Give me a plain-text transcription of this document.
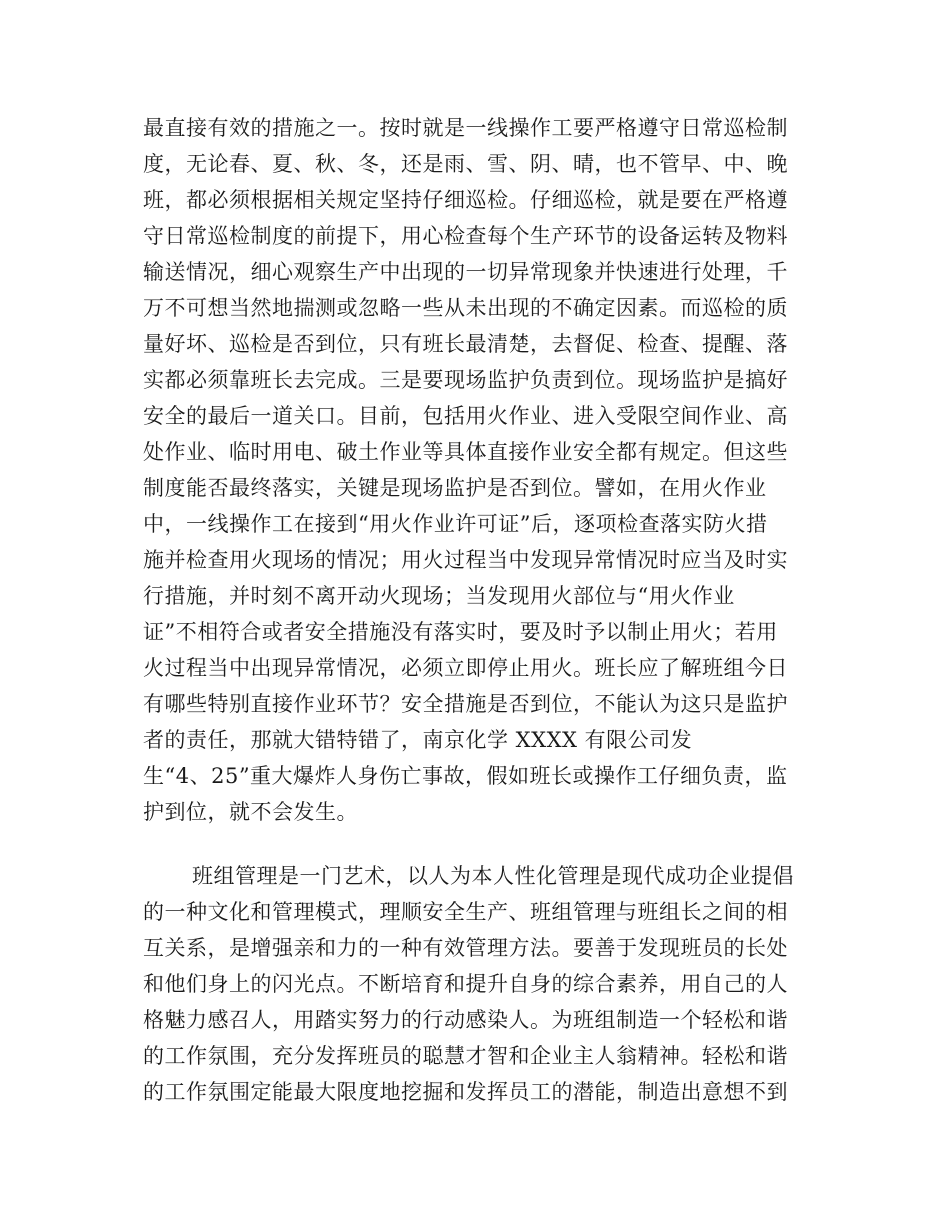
最直接有效的措施之一。按时就是一线操作工要严格遵守日常巡检制
度，无论春、夏、秋、冬，还是雨、雪、阴、晴，也不管早、中、晚
班，都必须根据相关规定坚持仔细巡检。仔细巡检，就是要在严格遵
守日常巡检制度的前提下，用心检查每个生产环节的设备运转及物料
输送情况，细心观察生产中出现的一切异常现象并快速进行处理，千
万不可想当然地揣测或忽略一些从未出现的不确定因素。而巡检的质
量好坏、巡检是否到位，只有班长最清楚，去督促、检查、提醒、落
实都必须靠班长去完成。三是要现场监护负责到位。现场监护是搞好
安全的最后一道关口。目前，包括用火作业、进入受限空间作业、高
处作业、临时用电、破土作业等具体直接作业安全都有规定。但这些
制度能否最终落实，关键是现场监护是否到位。譬如，在用火作业
中，一线操作工在接到“用火作业许可证”后，逐项检查落实防火措
施并检查用火现场的情况；用火过程当中发现异常情况时应当及时实
行措施，并时刻不离开动火现场；当发现用火部位与“用火作业
证”不相符合或者安全措施没有落实时，要及时予以制止用火；若用
火过程当中出现异常情况，必须立即停止用火。班长应了解班组今日
有哪些特别直接作业环节？安全措施是否到位，不能认为这只是监护
者的责任，那就大错特错了，南京化学 XXXX 有限公司发
生“4、25”重大爆炸人身伤亡事故，假如班长或操作工仔细负责，监
护到位，就不会发生。
班组管理是一门艺术，以人为本人性化管理是现代成功企业提倡
的一种文化和管理模式，理顺安全生产、班组管理与班组长之间的相
互关系，是增强亲和力的一种有效管理方法。要善于发现班员的长处
和他们身上的闪光点。不断培育和提升自身的综合素养，用自己的人
格魅力感召人，用踏实努力的行动感染人。为班组制造一个轻松和谐
的工作氛围，充分发挥班员的聪慧才智和企业主人翁精神。轻松和谐
的工作氛围定能最大限度地挖掘和发挥员工的潜能，制造出意想不到
